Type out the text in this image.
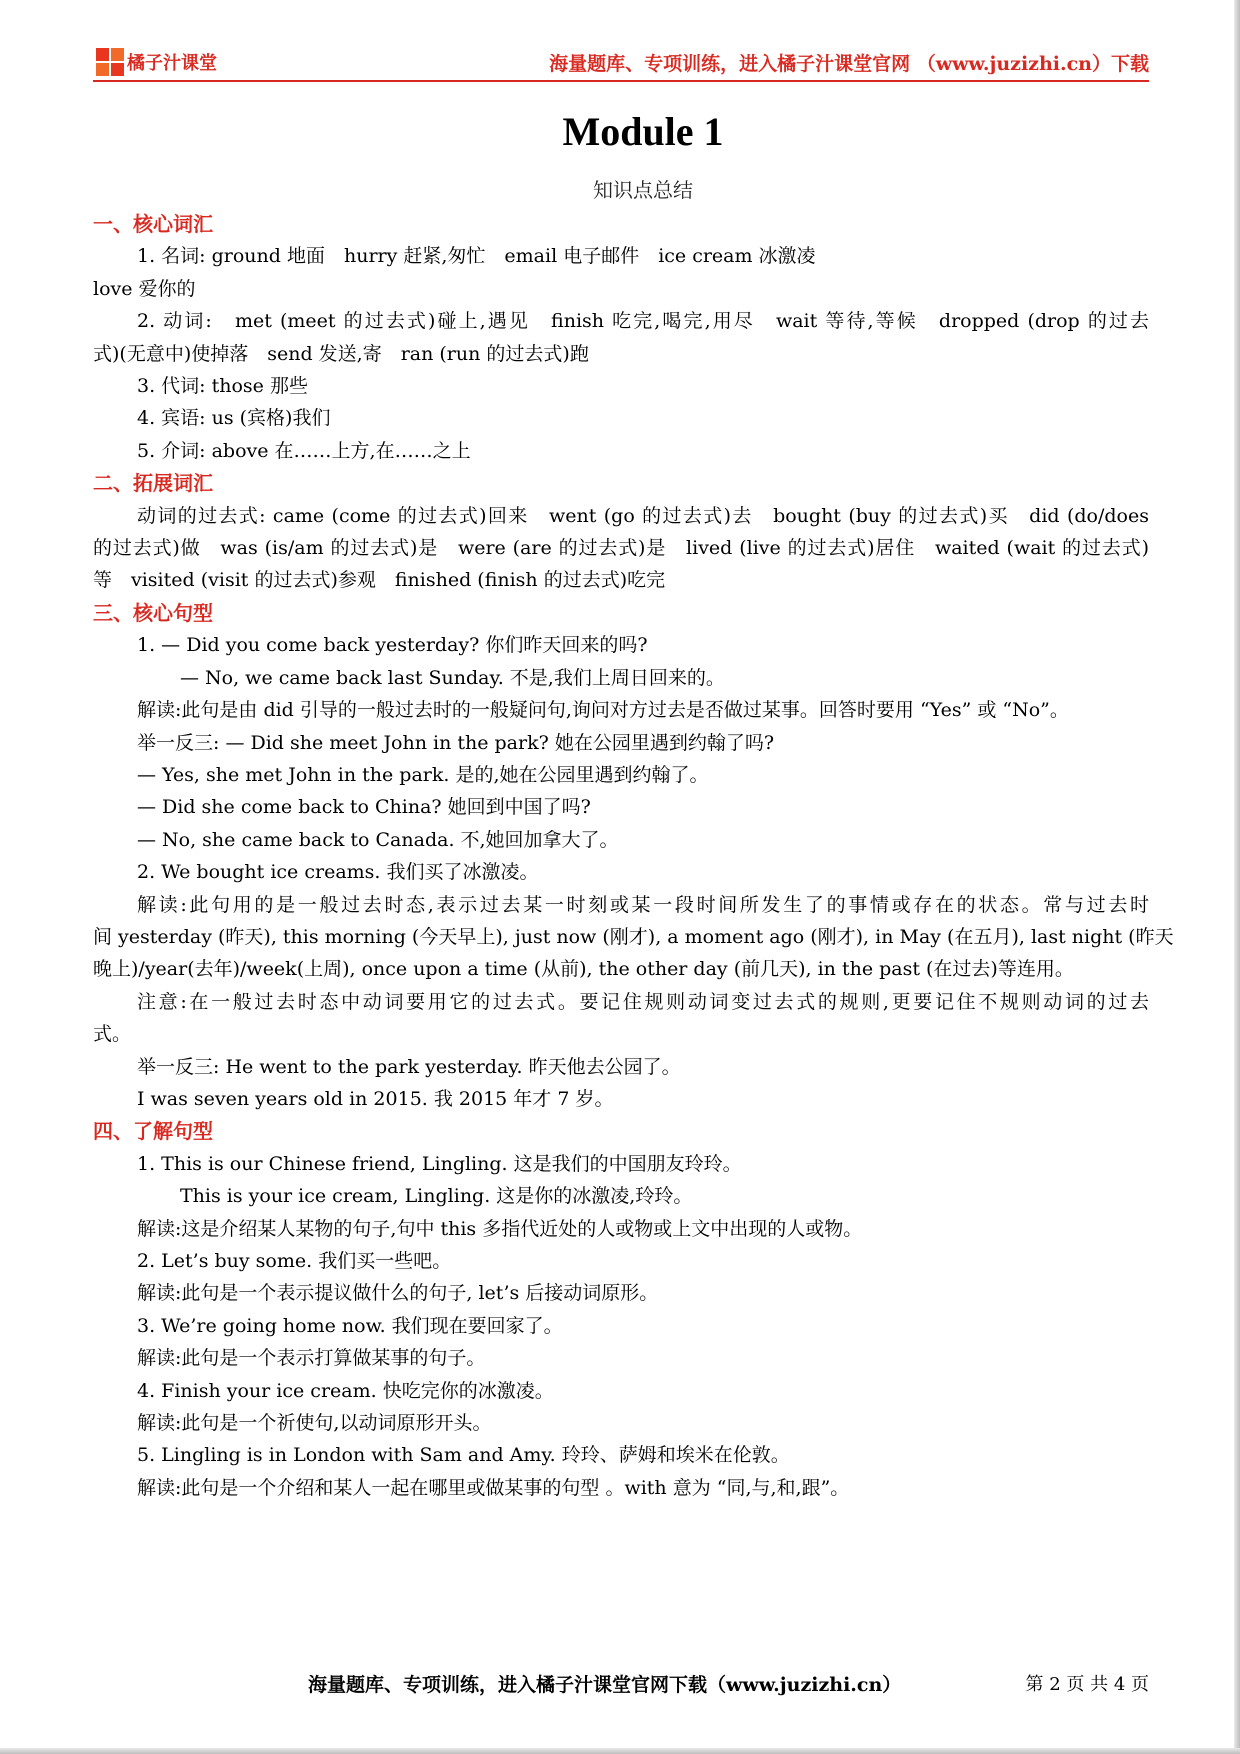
橘子汁课堂	海量题库、专项训练，进入橘子汁课堂官网 （www.juzizhi.cn）下载
Module 1
知识点总结
一、核心词汇
1. 名词: ground 地面　hurry 赶紧,匆忙　email 电子邮件　ice cream 冰激凌
love 爱你的
2. 动词:　met (meet 的过去式)碰上,遇见　finish 吃完,喝完,用尽　wait 等待,等候　dropped (drop 的过去
式)(无意中)使掉落　send 发送,寄　ran (run 的过去式)跑
3. 代词: those 那些
4. 宾语: us (宾格)我们
5. 介词: above 在……上方,在……之上
二、拓展词汇
动词的过去式: came (come 的过去式)回来　went (go 的过去式)去　bought (buy 的过去式)买　did (do/does
的过去式)做　was (is/am 的过去式)是　were (are 的过去式)是　lived (live 的过去式)居住　waited (wait 的过去式)
等　visited (visit 的过去式)参观　finished (finish 的过去式)吃完
三、核心句型
1. — Did you come back yesterday? 你们昨天回来的吗?
— No, we came back last Sunday. 不是,我们上周日回来的。
解读:此句是由 did 引导的一般过去时的一般疑问句,询问对方过去是否做过某事。回答时要用 “Yes” 或 “No”。
举一反三: — Did she meet John in the park? 她在公园里遇到约翰了吗?
— Yes, she met John in the park. 是的,她在公园里遇到约翰了。
— Did she come back to China? 她回到中国了吗?
— No, she came back to Canada. 不,她回加拿大了。
2. We bought ice creams. 我们买了冰激凌。
解读:此句用的是一般过去时态,表示过去某一时刻或某一段时间所发生了的事情或存在的状态。常与过去时
间 yesterday (昨天), this morning (今天早上), just now (刚才), a moment ago (刚才), in May (在五月), last night (昨天
晚上)/year(去年)/week(上周), once upon a time (从前), the other day (前几天), in the past (在过去)等连用。
注意:在一般过去时态中动词要用它的过去式。要记住规则动词变过去式的规则,更要记住不规则动词的过去
式。
举一反三: He went to the park yesterday. 昨天他去公园了。
I was seven years old in 2015. 我 2015 年才 7 岁。
四、了解句型
1. This is our Chinese friend, Lingling. 这是我们的中国朋友玲玲。
This is your ice cream, Lingling. 这是你的冰激凌,玲玲。
解读:这是介绍某人某物的句子,句中 this 多指代近处的人或物或上文中出现的人或物。
2. Let’s buy some. 我们买一些吧。
解读:此句是一个表示提议做什么的句子, let’s 后接动词原形。
3. We’re going home now. 我们现在要回家了。
解读:此句是一个表示打算做某事的句子。
4. Finish your ice cream. 快吃完你的冰激凌。
解读:此句是一个祈使句,以动词原形开头。
5. Lingling is in London with Sam and Amy. 玲玲、萨姆和埃米在伦敦。
解读:此句是一个介绍和某人一起在哪里或做某事的句型 。with 意为 “同,与,和,跟”。
海量题库、专项训练，进入橘子汁课堂官网下载（www.juzizhi.cn）	第 2 页 共 4 页
